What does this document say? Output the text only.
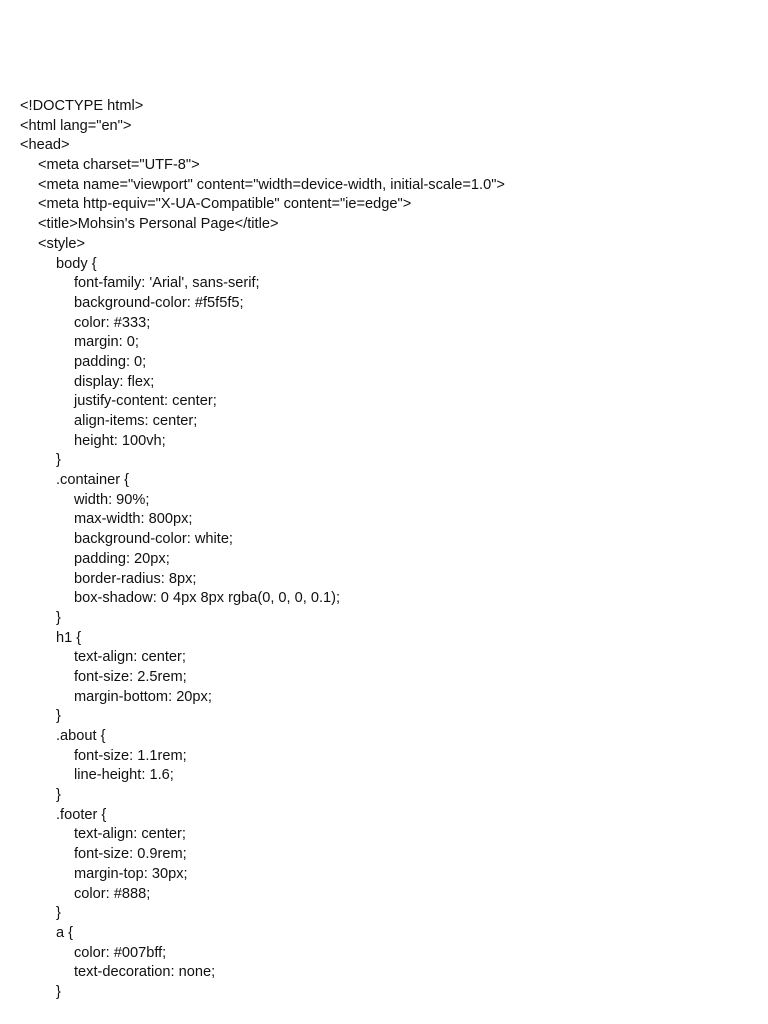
<!DOCTYPE html>
<html lang="en">
<head>
<meta charset="UTF-8">
<meta name="viewport" content="width=device-width, initial-scale=1.0">
<meta http-equiv="X-UA-Compatible" content="ie=edge">
<title>Mohsin's Personal Page</title>
<style>
body {
font-family: 'Arial', sans-serif;
background-color: #f5f5f5;
color: #333;
margin: 0;
padding: 0;
display: flex;
justify-content: center;
align-items: center;
height: 100vh;
}
.container {
width: 90%;
max-width: 800px;
background-color: white;
padding: 20px;
border-radius: 8px;
box-shadow: 0 4px 8px rgba(0, 0, 0, 0.1);
}
h1 {
text-align: center;
font-size: 2.5rem;
margin-bottom: 20px;
}
.about {
font-size: 1.1rem;
line-height: 1.6;
}
.footer {
text-align: center;
font-size: 0.9rem;
margin-top: 30px;
color: #888;
}
a {
color: #007bff;
text-decoration: none;
}
